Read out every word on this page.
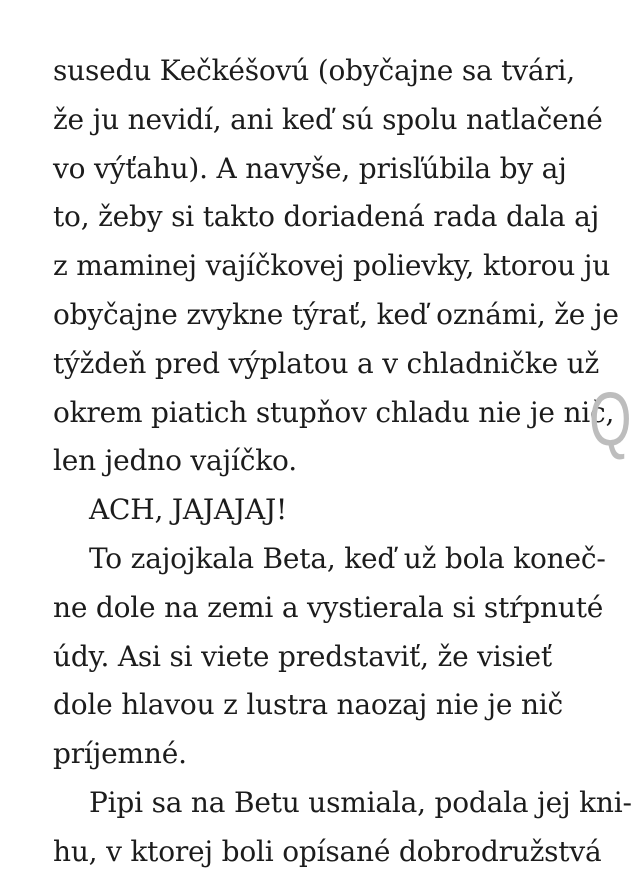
susedu Kečkéšovú (obyčajne sa tvári,
že ju nevidí, ani keď sú spolu natlačené
vo výťahu). A navyše, prisľúbila by aj
to, žeby si takto doriadená rada dala aj
z maminej vajíčkovej polievky, ktorou ju
obyčajne zvykne týrať, keď oznámi, že je
týždeň pred výplatou a v chladničke už
okrem piatich stupňov chladu nie je nič,
len jedno vajíčko.
ACH, JAJAJAJ!
To zajojkala Beta, keď už bola koneč-
ne dole na zemi a vystierala si stŕpnuté
údy. Asi si viete predstaviť, že visieť
dole hlavou z lustra naozaj nie je nič
príjemné.
Pipi sa na Betu usmiala, podala jej kni-
hu, v ktorej boli opísané dobrodružstvá
Q
